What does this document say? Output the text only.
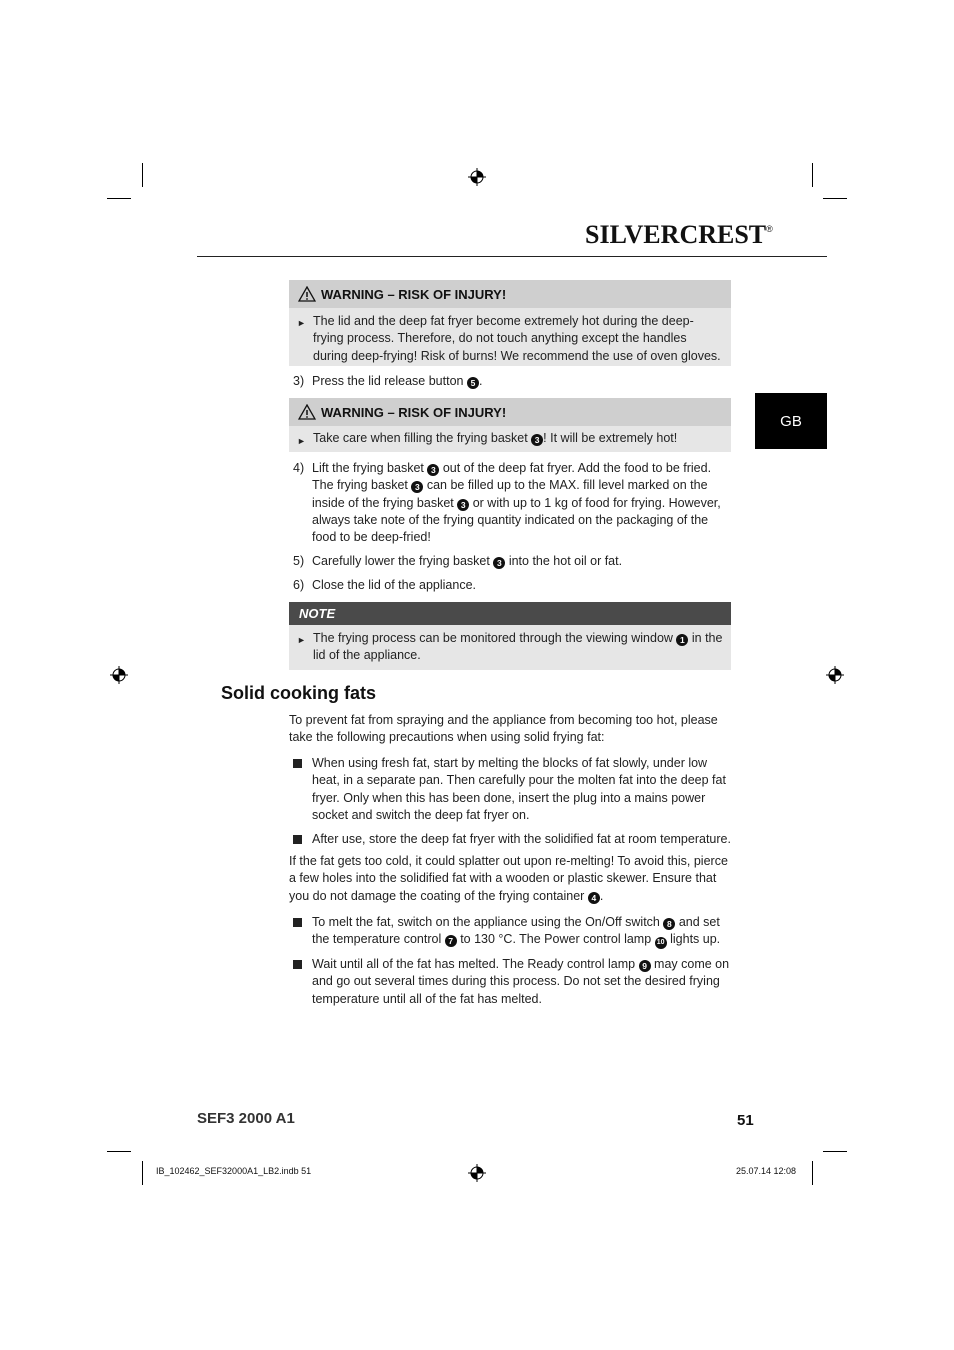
SILVERCREST®
GB
WARNING – RISK OF INJURY!
► The lid and the deep fat fryer become extremely hot during the deep-frying process. Therefore, do not touch anything except the handles during deep-frying! Risk of burns! We recommend the use of oven gloves.
3) Press the lid release button 5 .
WARNING – RISK OF INJURY!
► Take care when filling the frying basket 3 ! It will be extremely hot!
4) Lift the frying basket 3 out of the deep fat fryer. Add the food to be fried. The frying basket 3 can be filled up to the MAX. fill level marked on the inside of the frying basket 3 or with up to 1 kg of food for frying. However, always take note of the frying quantity indicated on the packaging of the food to be deep-fried!
5) Carefully lower the frying basket 3 into the hot oil or fat.
6) Close the lid of the appliance.
NOTE
► The frying process can be monitored through the viewing window 1 in the lid of the appliance.
Solid cooking fats
To prevent fat from spraying and the appliance from becoming too hot, please take the following precautions when using solid frying fat:
When using fresh fat, start by melting the blocks of fat slowly, under low heat, in a separate pan. Then carefully pour the molten fat into the deep fat fryer. Only when this has been done, insert the plug into a mains power socket and switch the deep fat fryer on.
After use, store the deep fat fryer with the solidified fat at room temperature.
If the fat gets too cold, it could splatter out upon re-melting! To avoid this, pierce a few holes into the solidified fat with a wooden or plastic skewer. Ensure that you do not damage the coating of the frying container 4 .
To melt the fat, switch on the appliance using the On/Off switch 8 and set the temperature control 7 to 130 °C. The Power control lamp 10 lights up.
Wait until all of the fat has melted. The Ready control lamp 9 may come on and go out several times during this process. Do not set the desired frying temperature until all of the fat has melted.
SEF3 2000 A1	51
IB_102462_SEF32000A1_LB2.indb 51	25.07.14 12:08
